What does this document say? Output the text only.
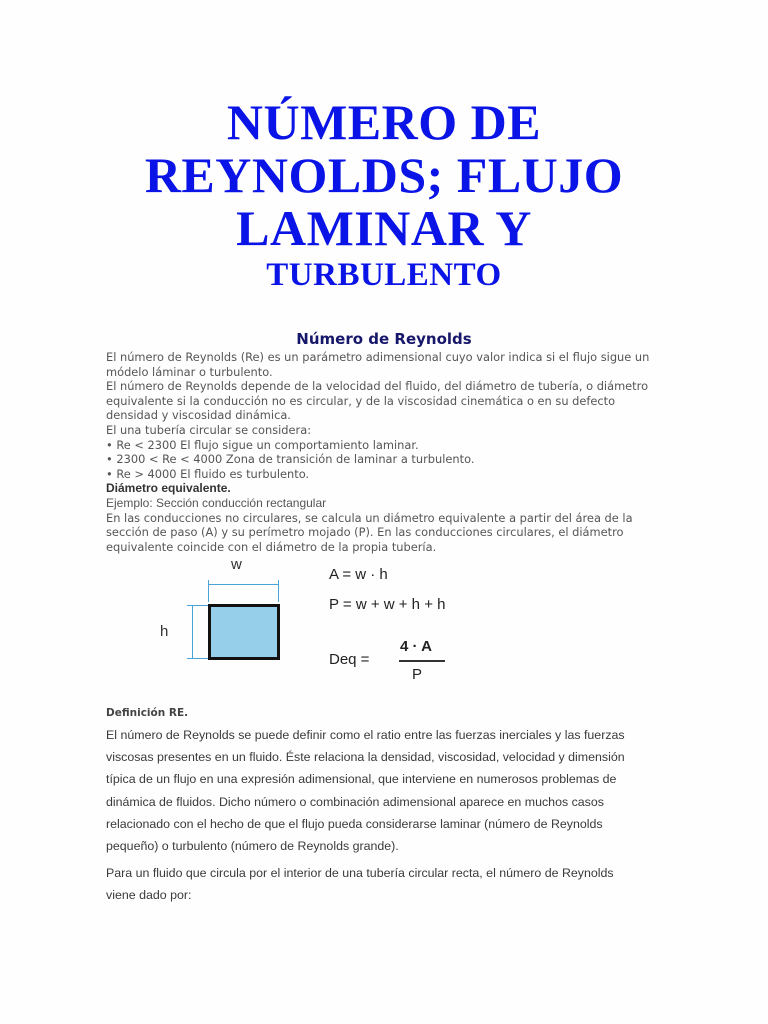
NÚMERO DE
REYNOLDS; FLUJO
LAMINAR Y
TURBULENTO
Número de Reynolds

El número de Reynolds (Re) es un parámetro adimensional cuyo valor indica si el flujo sigue un

módelo láminar o turbulento.

El número de Reynolds depende de la velocidad del fluido, del diámetro de tubería, o diámetro

equivalente si la conducción no es circular, y de la viscosidad cinemática o en su defecto

densidad y viscosidad dinámica.

El una tubería circular se considera:

• Re < 2300 El flujo sigue un comportamiento laminar.

• 2300 < Re < 4000 Zona de transición de laminar a turbulento.

• Re > 4000 El fluido es turbulento.

Diámetro equivalente.

Ejemplo: Sección conducción rectangular

En las conducciones no circulares, se calcula un diámetro equivalente a partir del área de la

sección de paso (A) y su perímetro mojado (P). En las conducciones circulares, el diámetro

equivalente coincide con el diámetro de la propia tubería.

w
h
A = w · h
P = w + w + h + h
Deq =
4 · A
P
Definición RE.

El número de Reynolds se puede definir como el ratio entre las fuerzas inerciales y las fuerzas
viscosas presentes en un fluido. Éste relaciona la densidad, viscosidad, velocidad y dimensión
típica de un flujo en una expresión adimensional, que interviene en numerosos problemas de
dinámica de fluidos. Dicho número o combinación adimensional aparece en muchos casos
relacionado con el hecho de que el flujo pueda considerarse laminar (número de Reynolds
pequeño) o turbulento (número de Reynolds grande).

Para un fluido que circula por el interior de una tubería circular recta, el número de Reynolds
viene dado por:
